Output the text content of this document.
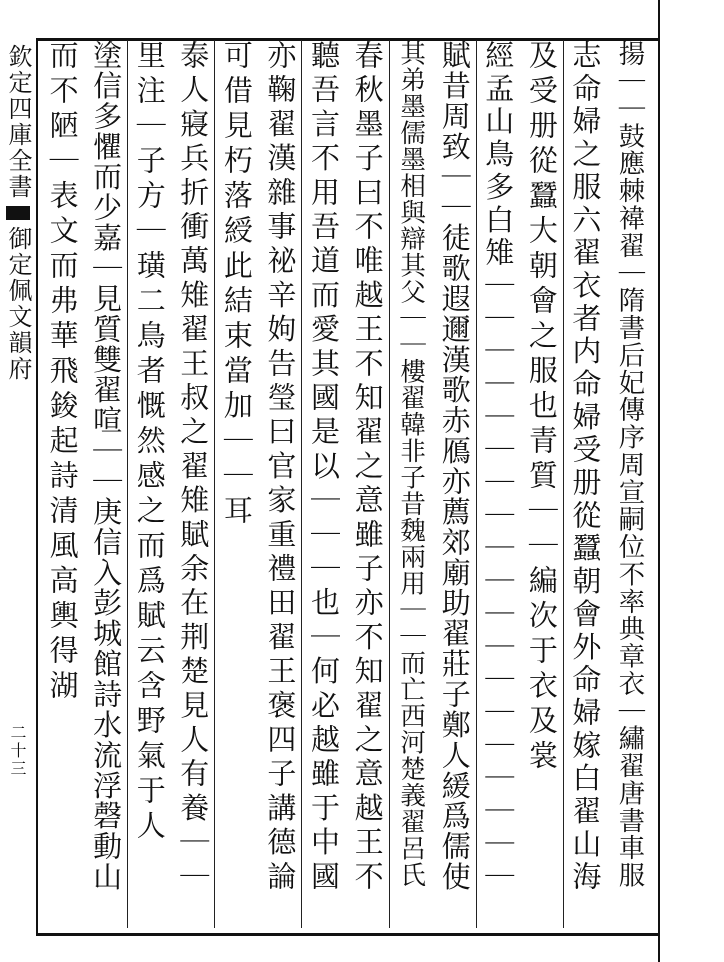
欽定四庫全書
御定佩文韻府
二十三	揚｜｜鼓應棘褘翟｜隋書后妃傳序周宣嗣位不率典章衣｜繡翟唐書車服
志命婦之服六翟衣者内命婦受册從蠶朝會外命婦嫁白翟山海
及受册從蠶大朝會之服也青質｜｜編次于衣及裳
經孟山鳥多白雉｜｜｜｜｜｜｜｜｜｜｜｜｜｜｜｜｜｜｜
賦昔周致｜｜徒歌遐邇漢歌赤鴈亦薦郊廟助翟莊子鄭人緩爲儒使
其弟墨儒墨相與辯其父｜｜樓翟韓非子昔魏兩用｜｜而亡西河楚義翟呂氏
春秋墨子曰不唯越王不知翟之意雖子亦不知翟之意越王不
聽吾言不用吾道而愛其國是以｜｜｜也｜何必越雖于中國
亦鞠翟漢雜事祕辛姁告瑩曰官家重禮田翟王褒四子講德論
可借見朽落綬此結束當加｜｜耳
泰人寢兵折衝萬雉翟王叔之翟雉賦余在荆楚見人有養｜｜
里注｜子方｜璜二鳥者慨然感之而爲賦云含野氣于人
塗信多懼而少嘉｜見質雙翟喧｜｜庚信入彭城館詩水流浮磬動山
而不陋｜表文而弗華飛鋑起詩清風高輿得湖
